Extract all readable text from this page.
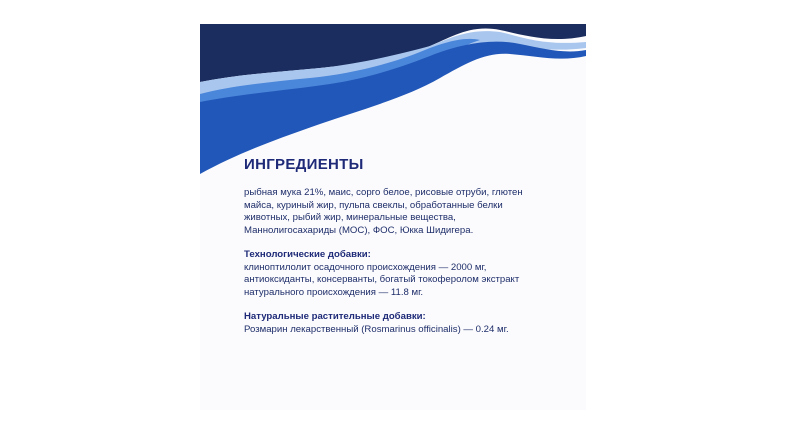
ИНГРЕДИЕНТЫ

рыбная мука 21%, маис, сорго белое, рисовые отруби, глютен майса, куриный жир, пульпа свеклы, обработанные белки животных, рыбий жир, минеральные вещества, Маннолигосахариды (МОС), ФОС, Юкка Шидигера.

Технологические добавки:

клиноптилолит осадочного происхождения — 2000 мг, антиоксиданты, консерванты, богатый токоферолом экстракт натурального происхождения — 11.8 мг.

Натуральные растительные добавки:

Розмарин лекарственный (Rosmarinus officinalis) — 0.24 мг.
